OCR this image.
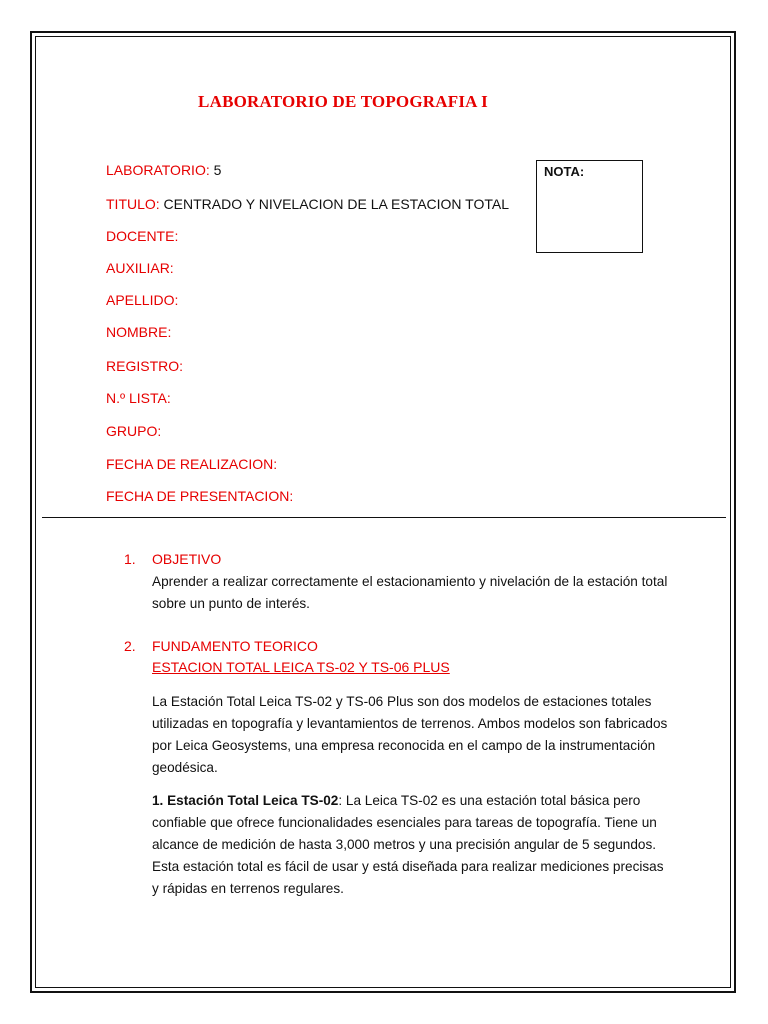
LABORATORIO DE TOPOGRAFIA I
LABORATORIO: 5
TITULO: CENTRADO Y NIVELACION DE LA ESTACION TOTAL
DOCENTE:
AUXILIAR:
APELLIDO:
NOMBRE:
REGISTRO:
N.º LISTA:
GRUPO:
FECHA DE REALIZACION:
FECHA DE PRESENTACION:
NOTA:
1. OBJETIVO
Aprender a realizar correctamente el estacionamiento y nivelación de la estación total sobre un punto de interés.
2. FUNDAMENTO TEORICO
ESTACION TOTAL LEICA TS-02 Y TS-06 PLUS
La Estación Total Leica TS-02 y TS-06 Plus son dos modelos de estaciones totales utilizadas en topografía y levantamientos de terrenos. Ambos modelos son fabricados por Leica Geosystems, una empresa reconocida en el campo de la instrumentación geodésica.
1. Estación Total Leica TS-02: La Leica TS-02 es una estación total básica pero confiable que ofrece funcionalidades esenciales para tareas de topografía. Tiene un alcance de medición de hasta 3,000 metros y una precisión angular de 5 segundos. Esta estación total es fácil de usar y está diseñada para realizar mediciones precisas y rápidas en terrenos regulares.
